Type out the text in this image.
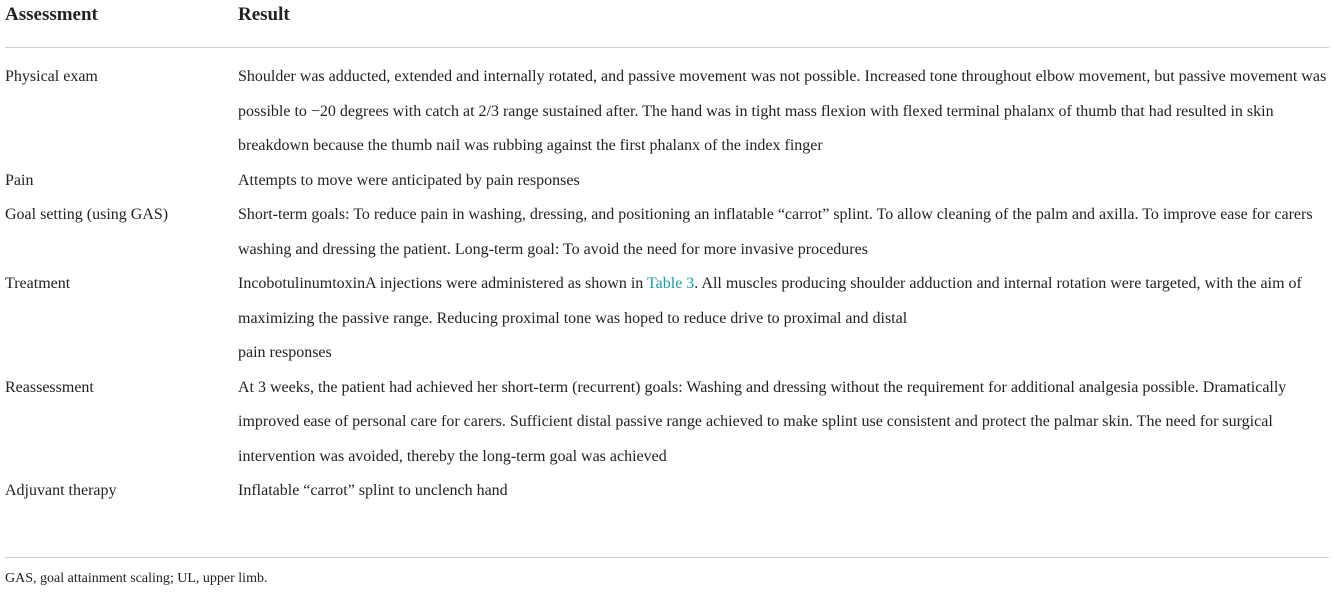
Assessment	Result
Physical exam	Shoulder was adducted, extended and internally rotated, and passive movement was not possible. Increased tone throughout elbow movement, but passive movement was possible to −20 degrees with catch at 2/3 range sustained after. The hand was in tight mass flexion with flexed terminal phalanx of thumb that had resulted in skin breakdown because the thumb nail was rubbing against the first phalanx of the index finger
Pain	Attempts to move were anticipated by pain responses
Goal setting (using GAS)	Short-term goals: To reduce pain in washing, dressing, and positioning an inflatable “carrot” splint. To allow cleaning of the palm and axilla. To improve ease for carers washing and dressing the patient. Long-term goal: To avoid the need for more invasive procedures
Treatment	IncobotulinumtoxinA injections were administered as shown in Table 3. All muscles producing shoulder adduction and internal rotation were targeted, with the aim of maximizing the passive range. Reducing proximal tone was hoped to reduce drive to proximal and distal
pain responses
Reassessment	At 3 weeks, the patient had achieved her short-term (recurrent) goals: Washing and dressing without the requirement for additional analgesia possible. Dramatically improved ease of personal care for carers. Sufficient distal passive range achieved to make splint use consistent and protect the palmar skin. The need for surgical intervention was avoided, thereby the long-term goal was achieved
Adjuvant therapy	Inflatable “carrot” splint to unclench hand
GAS, goal attainment scaling; UL, upper limb.
